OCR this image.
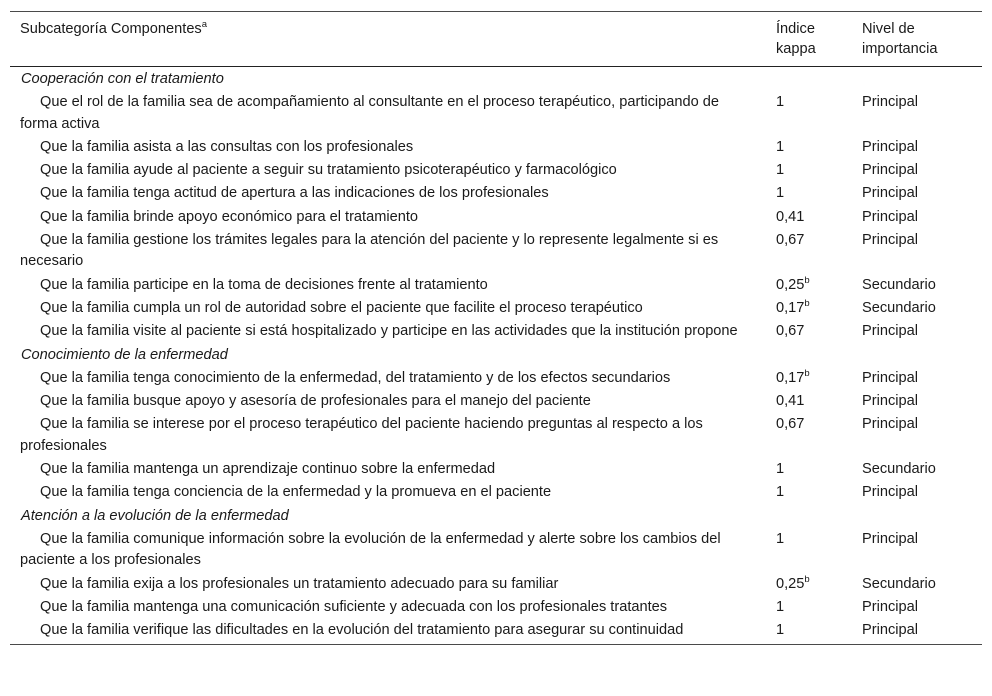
Subcategoría Componentes$^a$	Índice kappa	Nivel de importancia
Cooperación con el tratamiento		
Que el rol de la familia sea de acompañamiento al consultante en el proceso terapéutico, participando de forma activa	1	Principal
Que la familia asista a las consultas con los profesionales	1	Principal
Que la familia ayude al paciente a seguir su tratamiento psicoterapéutico y farmacológico	1	Principal
Que la familia tenga actitud de apertura a las indicaciones de los profesionales	1	Principal
Que la familia brinde apoyo económico para el tratamiento	0,41	Principal
Que la familia gestione los trámites legales para la atención del paciente y lo represente legalmente si es necesario	0,67	Principal
Que la familia participe en la toma de decisiones frente al tratamiento	0,25$^b$	Secundario
Que la familia cumpla un rol de autoridad sobre el paciente que facilite el proceso terapéutico	0,17$^b$	Secundario
Que la familia visite al paciente si está hospitalizado y participe en las actividades que la institución propone	0,67	Principal
Conocimiento de la enfermedad		
Que la familia tenga conocimiento de la enfermedad, del tratamiento y de los efectos secundarios	0,17$^b$	Principal
Que la familia busque apoyo y asesoría de profesionales para el manejo del paciente	0,41	Principal
Que la familia se interese por el proceso terapéutico del paciente haciendo preguntas al respecto a los profesionales	0,67	Principal
Que la familia mantenga un aprendizaje continuo sobre la enfermedad	1	Secundario
Que la familia tenga conciencia de la enfermedad y la promueva en el paciente	1	Principal
Atención a la evolución de la enfermedad		
Que la familia comunique información sobre la evolución de la enfermedad y alerte sobre los cambios del paciente a los profesionales	1	Principal
Que la familia exija a los profesionales un tratamiento adecuado para su familiar	0,25$^b$	Secundario
Que la familia mantenga una comunicación suficiente y adecuada con los profesionales tratantes	1	Principal
Que la familia verifique las dificultades en la evolución del tratamiento para asegurar su continuidad	1	Principal
